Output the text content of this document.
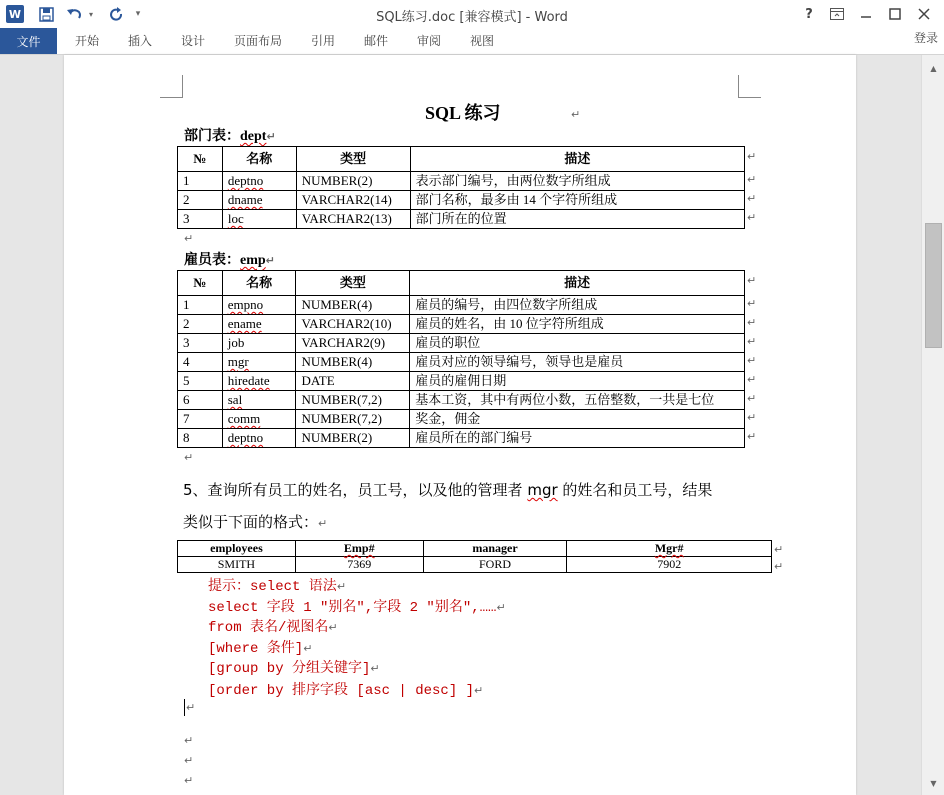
W	▾	▾	SQL练习.doc [兼容模式] - Word	?
文件	开始 插入 设计 页面布局 引用 邮件 审阅 视图	登录
SQL 练习	↵
部门表：dept↵
№	名称	类型	描述
1	deptno	NUMBER(2)	表示部门编号，由两位数字所组成
2	dname	VARCHAR2(14)	部门名称，最多由 14 个字符所组成
3	loc	VARCHAR2(13)	部门所在的位置
↵
↵
↵
↵
↵
雇员表：emp↵
№	名称	类型	描述
1	empno	NUMBER(4)	雇员的编号，由四位数字所组成
2	ename	VARCHAR2(10)	雇员的姓名，由 10 位字符所组成
3	job	VARCHAR2(9)	雇员的职位
4	mgr	NUMBER(4)	雇员对应的领导编号，领导也是雇员
5	hiredate	DATE	雇员的雇佣日期
6	sal	NUMBER(7,2)	基本工资，其中有两位小数，五倍整数，一共是七位
7	comm	NUMBER(7,2)	奖金，佣金
8	deptno	NUMBER(2)	雇员所在的部门编号
↵
↵
↵
↵
↵
↵
↵
↵
↵
↵
5、查询所有员工的姓名，员工号，以及他的管理者 mgr 的姓名和员工号，结果
类似于下面的格式：↵
employees	Emp#	manager	Mgr#
SMITH	7369	FORD	7902
↵
↵
提示：select 语法↵
select 字段 1 "别名",字段 2 "别名",……↵
from 表名/视图名↵
[where 条件]↵
[group by 分组关键字]↵
[order by 排序字段 [asc | desc] ]↵
↵
↵
↵
↵
▲
▼
